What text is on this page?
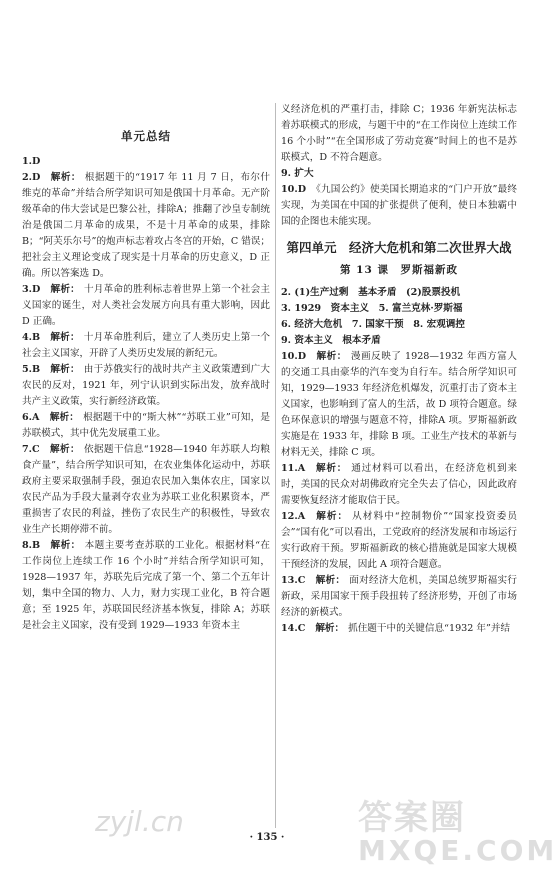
单元总结

1.D

2.D 解析： 根据题干的“1917 年 11 月 7 日，布尔什维克的革命”并结合所学知识可知是俄国十月革命。无产阶级革命的伟大尝试是巴黎公社，排除A；推翻了沙皇专制统治是俄国二月革命的成果，不是十月革命的成果，排除 B；“阿芙乐尔号”的炮声标志着攻占冬宫的开始，C 错误；把社会主义理论变成了现实是十月革命的历史意义，D 正确。所以答案选 D。

3.D 解析： 十月革命的胜利标志着世界上第一个社会主义国家的诞生，对人类社会发展方向具有重大影响，因此 D 正确。

4.B 解析： 十月革命胜利后，建立了人类历史上第一个社会主义国家，开辟了人类历史发展的新纪元。

5.B 解析： 由于苏俄实行的战时共产主义政策遭到广大农民的反对，1921 年，列宁认识到实际出发，放弃战时共产主义政策，实行新经济政策。

6.A 解析： 根据题干中的“斯大林”“苏联工业”可知，是苏联模式，其中优先发展重工业。

7.C 解析： 依据题干信息“1928—1940 年苏联人均粮食产量”，结合所学知识可知，在农业集体化运动中，苏联政府主要采取强制手段，强迫农民加入集体农庄，国家以农民产品为手段大量剥夺农业为苏联工业化积累资本，严重损害了农民的利益，挫伤了农民生产的积极性，导致农业生产长期停滞不前。

8.B 解析： 本题主要考查苏联的工业化。根据材料“在工作岗位上连续工作 16 个小时”并结合所学知识可知，1928—1937 年，苏联先后完成了第一个、第二个五年计划，集中全国的物力、人力，财力实现工业化，B 符合题意；至 1925 年，苏联国民经济基本恢复，排除 A；苏联是社会主义国家，没有受到 1929—1933 年资本主

义经济危机的严重打击，排除 C；1936 年新宪法标志着苏联模式的形成，与题干中的“在工作岗位上连续工作 16 个小时”“在全国形成了劳动竞赛”时间上的也不是苏联模式，D 不符合题意。

9. 扩大

10.D　 《九国公约》使美国长期追求的“门户开放”最终实现，为美国在中国的扩张提供了便利，使日本独霸中国的企图也未能实现。

第四单元　经济大危机和第二次世界大战
第 13 课　罗斯福新政
2. (1)生产过剩　基本矛盾　(2)股票投机
3. 1929　资本主义　5. 富兰克林·罗斯福
6. 经济大危机　7. 国家干预　8. 宏观调控
9. 资本主义　根本矛盾

10.D 解析： 漫画反映了 1928—1932 年西方富人的交通工具由豪华的汽车变为自行车。结合所学知识可知，1929—1933 年经济危机爆发，沉重打击了资本主义国家，也影响到了富人的生活，故 D 项符合题意。绿色环保意识的增强与题意不符，排除A 项。罗斯福新政实施是在 1933 年，排除 B 项。工业生产技术的革新与材料无关，排除 C 项。

11.A 解析： 通过材料可以看出，在经济危机到来时，美国的民众对胡佛政府完全失去了信心，因此政府需要恢复经济才能取信于民。

12.A 解析： 从材料中“控制物价”“国家投资委员会”“国有化”可以看出，工党政府的经济发展和市场运行实行政府干预。罗斯福新政的核心措施就是国家大规模干预经济的发展，因此 A 项符合题意。

13.C 解析： 面对经济大危机，美国总统罗斯福实行新政，采用国家干预手段扭转了经济形势，开创了市场经济的新模式。

14.C 解析： 抓住题干中的关键信息“1932 年”并结

· 135 ·
zyjl.cn	答案圈
MXQE.COM
